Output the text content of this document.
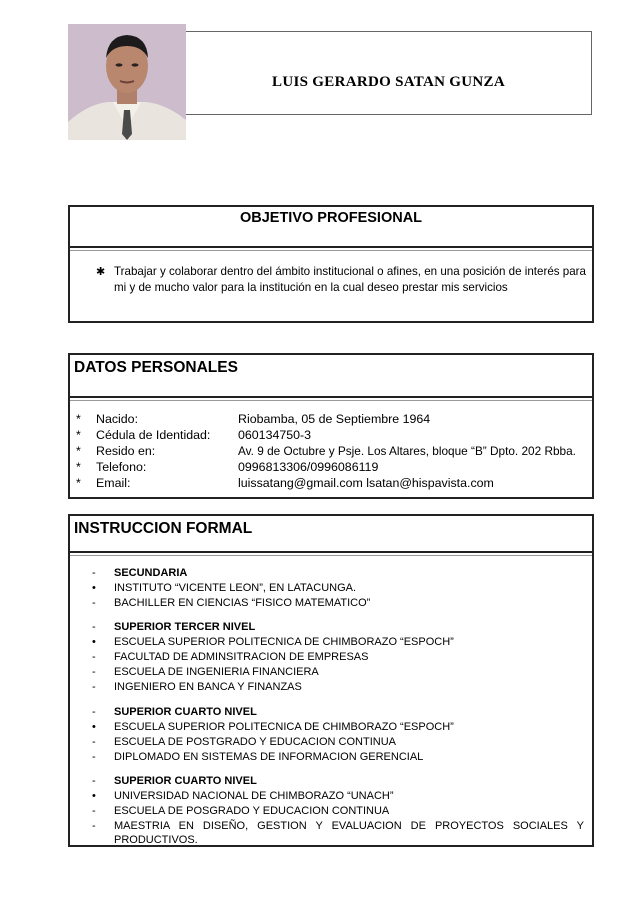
LUIS GERARDO SATAN GUNZA
OBJETIVO PROFESIONAL
✱ Trabajar y colaborar dentro del ámbito institucional o afines, en una posición de interés para mi y de mucho valor para la institución en la cual deseo prestar mis servicios
DATOS PERSONALES
* Nacido:	Riobamba, 05 de Septiembre 1964
* Cédula de Identidad: 060134750-3
* Resido en:	Av. 9 de Octubre y Psje. Los Altares, bloque “B” Dpto. 202 Rbba.
* Telefono:	0996813306/0996086119
* Email:	luissatang@gmail.com lsatan@hispavista.com
INSTRUCCION FORMAL
- SECUNDARIA
• INSTITUTO “VICENTE LEON”, EN LATACUNGA.
- BACHILLER EN CIENCIAS “FISICO MATEMATICO”
- SUPERIOR TERCER NIVEL
• ESCUELA SUPERIOR POLITECNICA DE CHIMBORAZO “ESPOCH”
- FACULTAD DE ADMINSITRACION DE EMPRESAS
- ESCUELA DE INGENIERIA FINANCIERA
- INGENIERO EN BANCA Y FINANZAS
- SUPERIOR CUARTO NIVEL
• ESCUELA SUPERIOR POLITECNICA DE CHIMBORAZO “ESPOCH”
- ESCUELA DE POSTGRADO Y EDUCACION CONTINUA
- DIPLOMADO EN SISTEMAS DE INFORMACION GERENCIAL
- SUPERIOR CUARTO NIVEL
• UNIVERSIDAD NACIONAL DE CHIMBORAZO “UNACH”
- ESCUELA DE POSGRADO Y EDUCACION CONTINUA
- MAESTRIA EN DISEÑO, GESTION Y EVALUACION DE PROYECTOS SOCIALES Y
PRODUCTIVOS.
